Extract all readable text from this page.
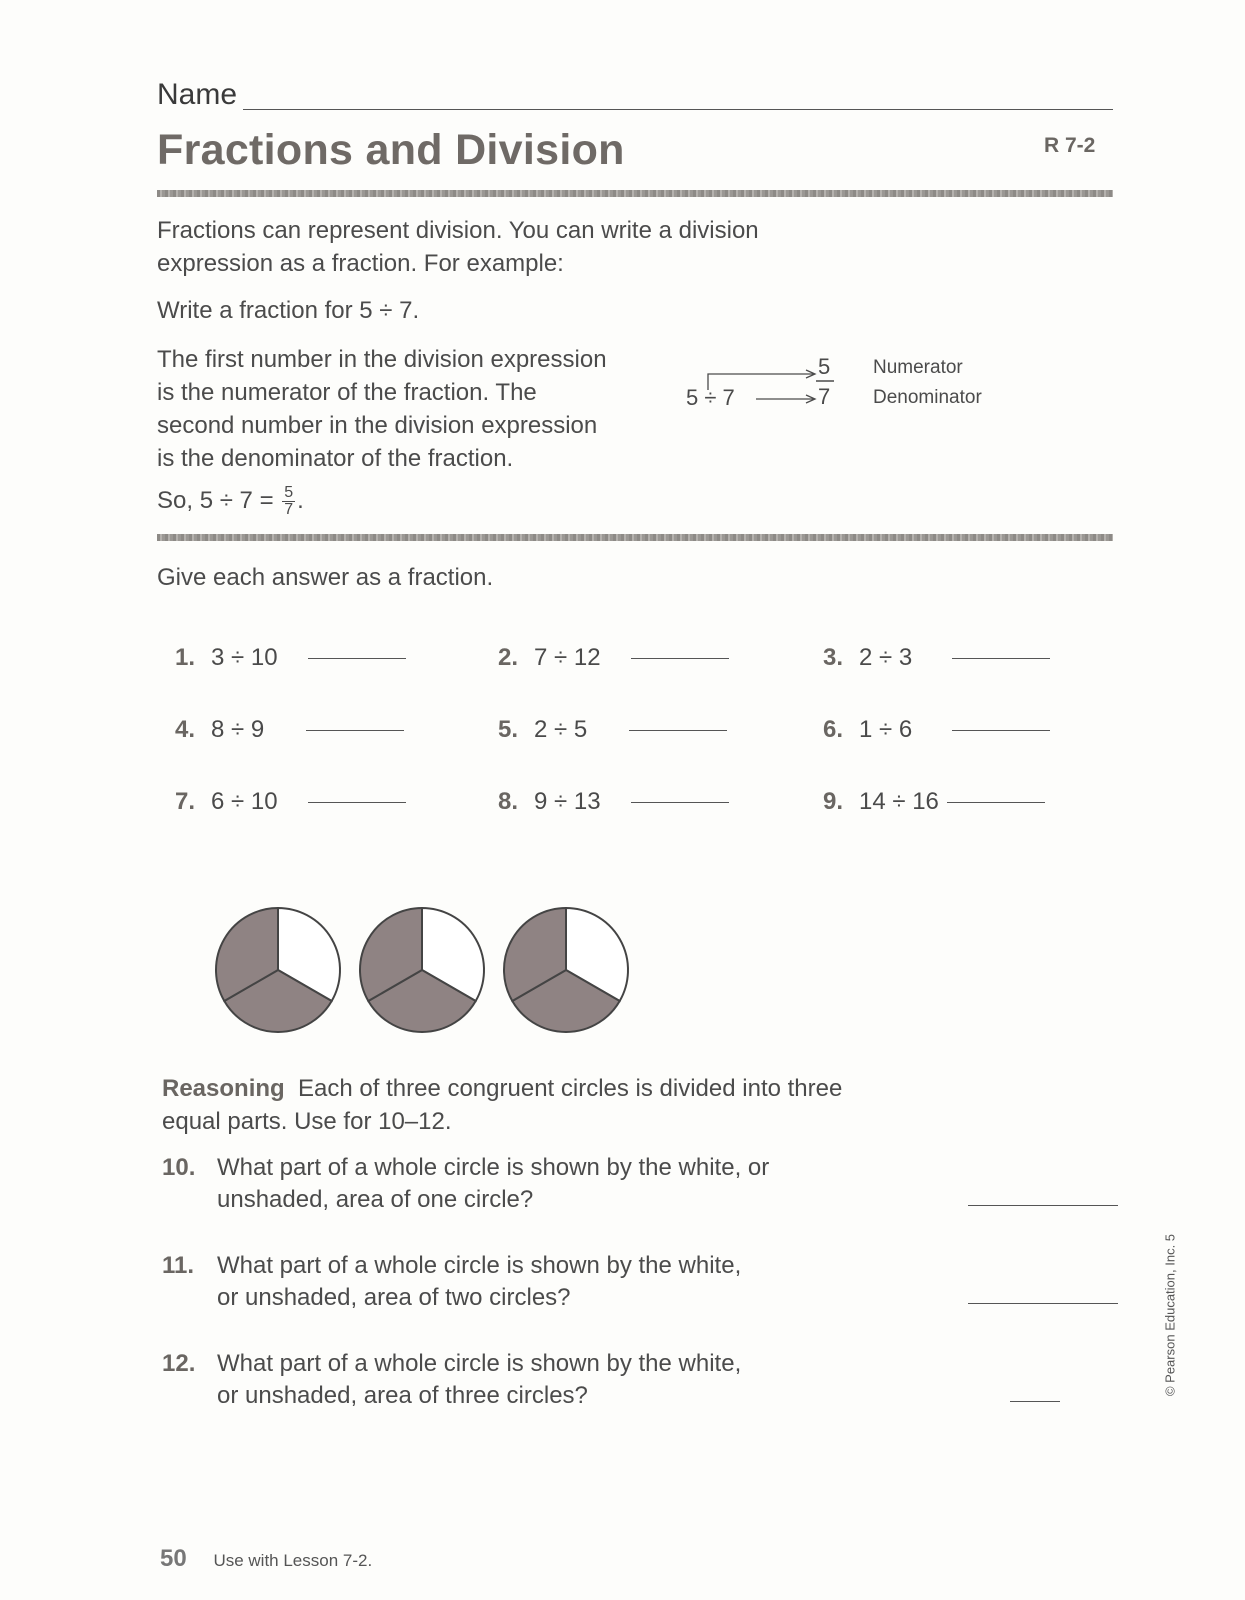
Name
Fractions and Division	R 7-2
Fractions can represent division. You can write a division
expression as a fraction. For example:
Write a fraction for 5 ÷ 7.
The first number in the division expression
is the numerator of the fraction. The
second number in the division expression
is the denominator of the fraction.
So, $5 \div 7 = \frac{5}{7}$ .
5 ÷ 7
5
7
Numerator
Denominator
Give each answer as a fraction.
1. 3 ÷ 10	2. 7 ÷ 12	3. 2 ÷ 3
4. 8 ÷ 9	5. 2 ÷ 5	6. 1 ÷ 6
7. 6 ÷ 10	8. 9 ÷ 13	9. 14 ÷ 16
Reasoning Each of three congruent circles is divided into three
equal parts. Use for 10–12.
10. What part of a whole circle is shown by the white, or
unshaded, area of one circle?
11. What part of a whole circle is shown by the white,
or unshaded, area of two circles?
12. What part of a whole circle is shown by the white,
or unshaded, area of three circles?
50 Use with Lesson 7-2.
© Pearson Education, Inc. 5
